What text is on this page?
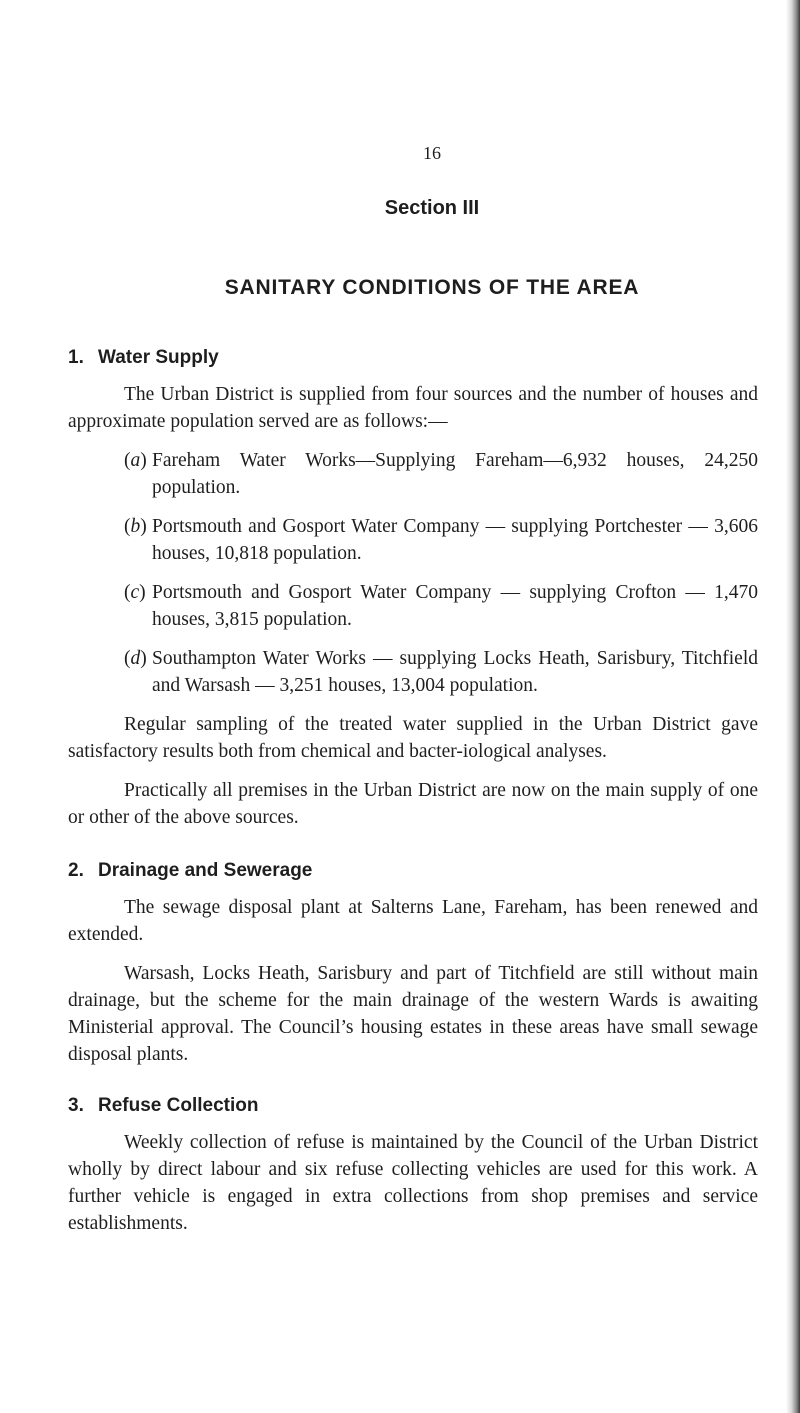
16
Section III
SANITARY CONDITIONS OF THE AREA
1. Water Supply

The Urban District is supplied from four sources and the number of houses and approximate population served are as follows:—

(a) Fareham Water Works—Supplying Fareham—6,932 houses, 24,250 population.
(b) Portsmouth and Gosport Water Company — supplying Portchester — 3,606 houses, 10,818 population.
(c) Portsmouth and Gosport Water Company — supplying Crofton — 1,470 houses, 3,815 population.
(d) Southampton Water Works — supplying Locks Heath, Sarisbury, Titchfield and Warsash — 3,251 houses, 13,004 population.

Regular sampling of the treated water supplied in the Urban District gave satisfactory results both from chemical and bacter-iological analyses.

Practically all premises in the Urban District are now on the main supply of one or other of the above sources.

2. Drainage and Sewerage

The sewage disposal plant at Salterns Lane, Fareham, has been renewed and extended.

Warsash, Locks Heath, Sarisbury and part of Titchfield are still without main drainage, but the scheme for the main drainage of the western Wards is awaiting Ministerial approval. The Council’s housing estates in these areas have small sewage disposal plants.

3. Refuse Collection

Weekly collection of refuse is maintained by the Council of the Urban District wholly by direct labour and six refuse collecting vehicles are used for this work. A further vehicle is engaged in extra collections from shop premises and service establishments.
